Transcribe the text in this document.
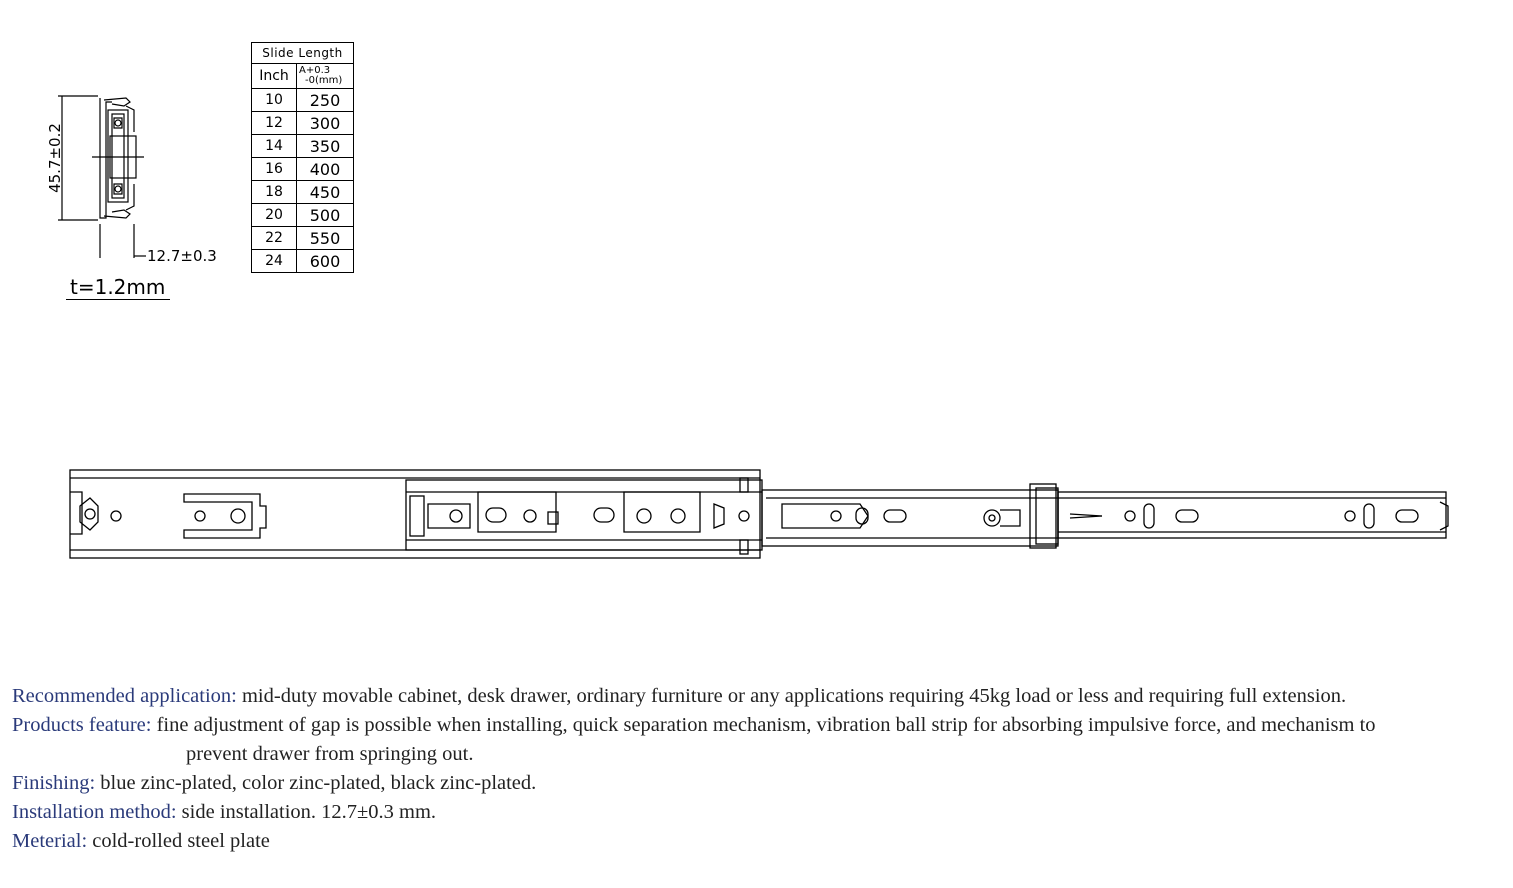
45.7±0.2
12.7±0.3
t=1.2mm
Slide Length	
Inch	A+0.3
-0(mm)

10	250
12	300
14	350
16	400
18	450
20	500
22	550
24	600
Recommended application: mid-duty movable cabinet, desk drawer, ordinary furniture or any applications requiring 45kg load or less and requiring full extension.
Products feature: fine adjustment of gap is possible when installing, quick separation mechanism, vibration ball strip for absorbing impulsive force, and mechanism to
prevent drawer from springing out.
Finishing: blue zinc-plated, color zinc-plated, black zinc-plated.
Installation method: side installation. 12.7±0.3 mm.
Meterial: cold-rolled steel plate
